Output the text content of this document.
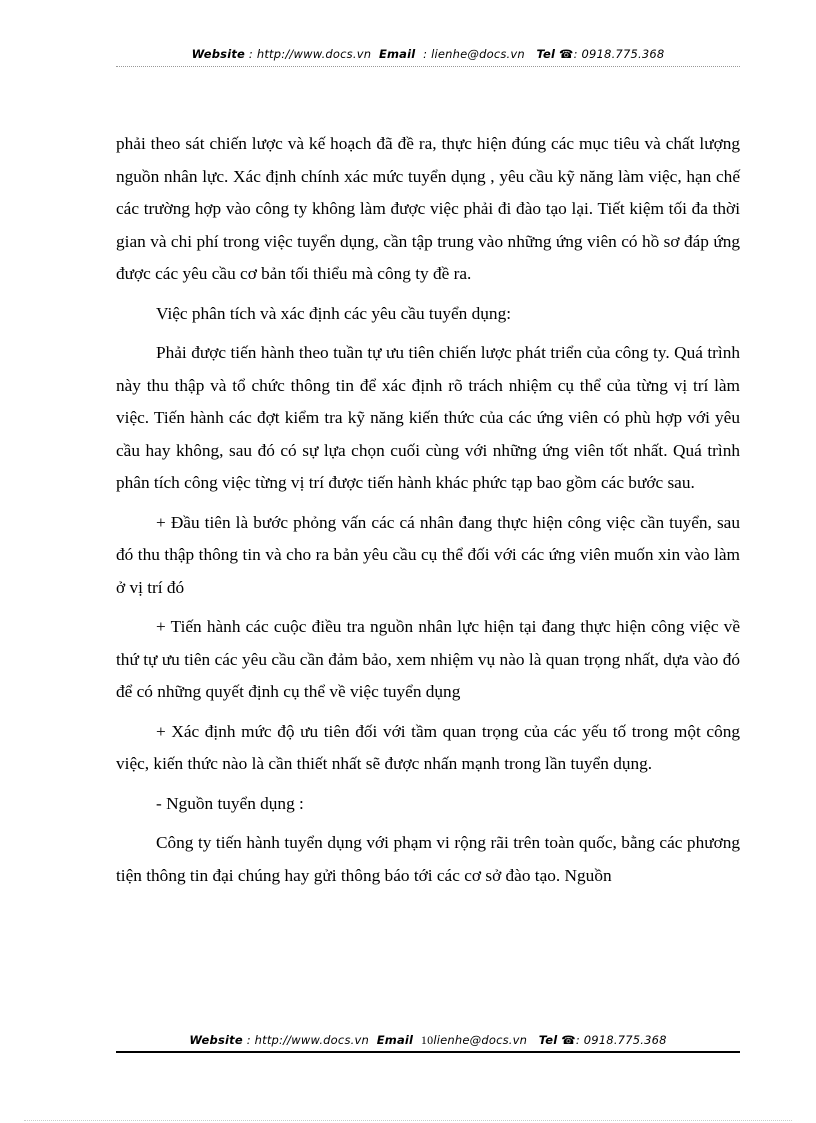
Website : http://www.docs.vn Email : lienhe@docs.vn Tel ☎: 0918.775.368

phải theo sát chiến lược và kế hoạch đã đề ra, thực hiện đúng các mục tiêu và chất lượng nguồn nhân lực. Xác định chính xác mức tuyển dụng , yêu cầu kỹ năng làm việc, hạn chế các trường hợp vào công ty không làm được việc phải đi đào tạo lại. Tiết kiệm tối đa thời gian và chi phí trong việc tuyển dụng, cần tập trung vào những ứng viên có hồ sơ đáp ứng được các yêu cầu cơ bản tối thiểu mà công ty đề ra.

Việc phân tích và xác định các yêu cầu tuyển dụng:

Phải được tiến hành theo tuần tự ưu tiên chiến lược phát triển của công ty. Quá trình này thu thập và tổ chức thông tin để xác định rõ trách nhiệm cụ thể của từng vị trí làm việc. Tiến hành các đợt kiểm tra kỹ năng kiến thức của các ứng viên có phù hợp với yêu cầu hay không, sau đó có sự lựa chọn cuối cùng với những ứng viên tốt nhất. Quá trình phân tích công việc từng vị trí được tiến hành khác phức tạp bao gồm các bước sau.

+ Đầu tiên là bước phỏng vấn các cá nhân đang thực hiện công việc cần tuyển, sau đó thu thập thông tin và cho ra bản yêu cầu cụ thể đối với các ứng viên muốn xin vào làm ở vị trí đó

+ Tiến hành các cuộc điều tra nguồn nhân lực hiện tại đang thực hiện công việc về thứ tự ưu tiên các yêu cầu cần đảm bảo, xem nhiệm vụ nào là quan trọng nhất, dựa vào đó để có những quyết định cụ thể về việc tuyển dụng

+ Xác định mức độ ưu tiên đối với tầm quan trọng của các yếu tố trong một công việc, kiến thức nào là cần thiết nhất sẽ được nhấn mạnh trong lần tuyển dụng.

- Nguồn tuyển dụng :

Công ty tiến hành tuyển dụng với phạm vi rộng rãi trên toàn quốc, bằng các phương tiện thông tin đại chúng hay gửi thông báo tới các cơ sở đào tạo. Nguồn

Website : http://www.docs.vn Email 10lienhe@docs.vn Tel ☎: 0918.775.368
